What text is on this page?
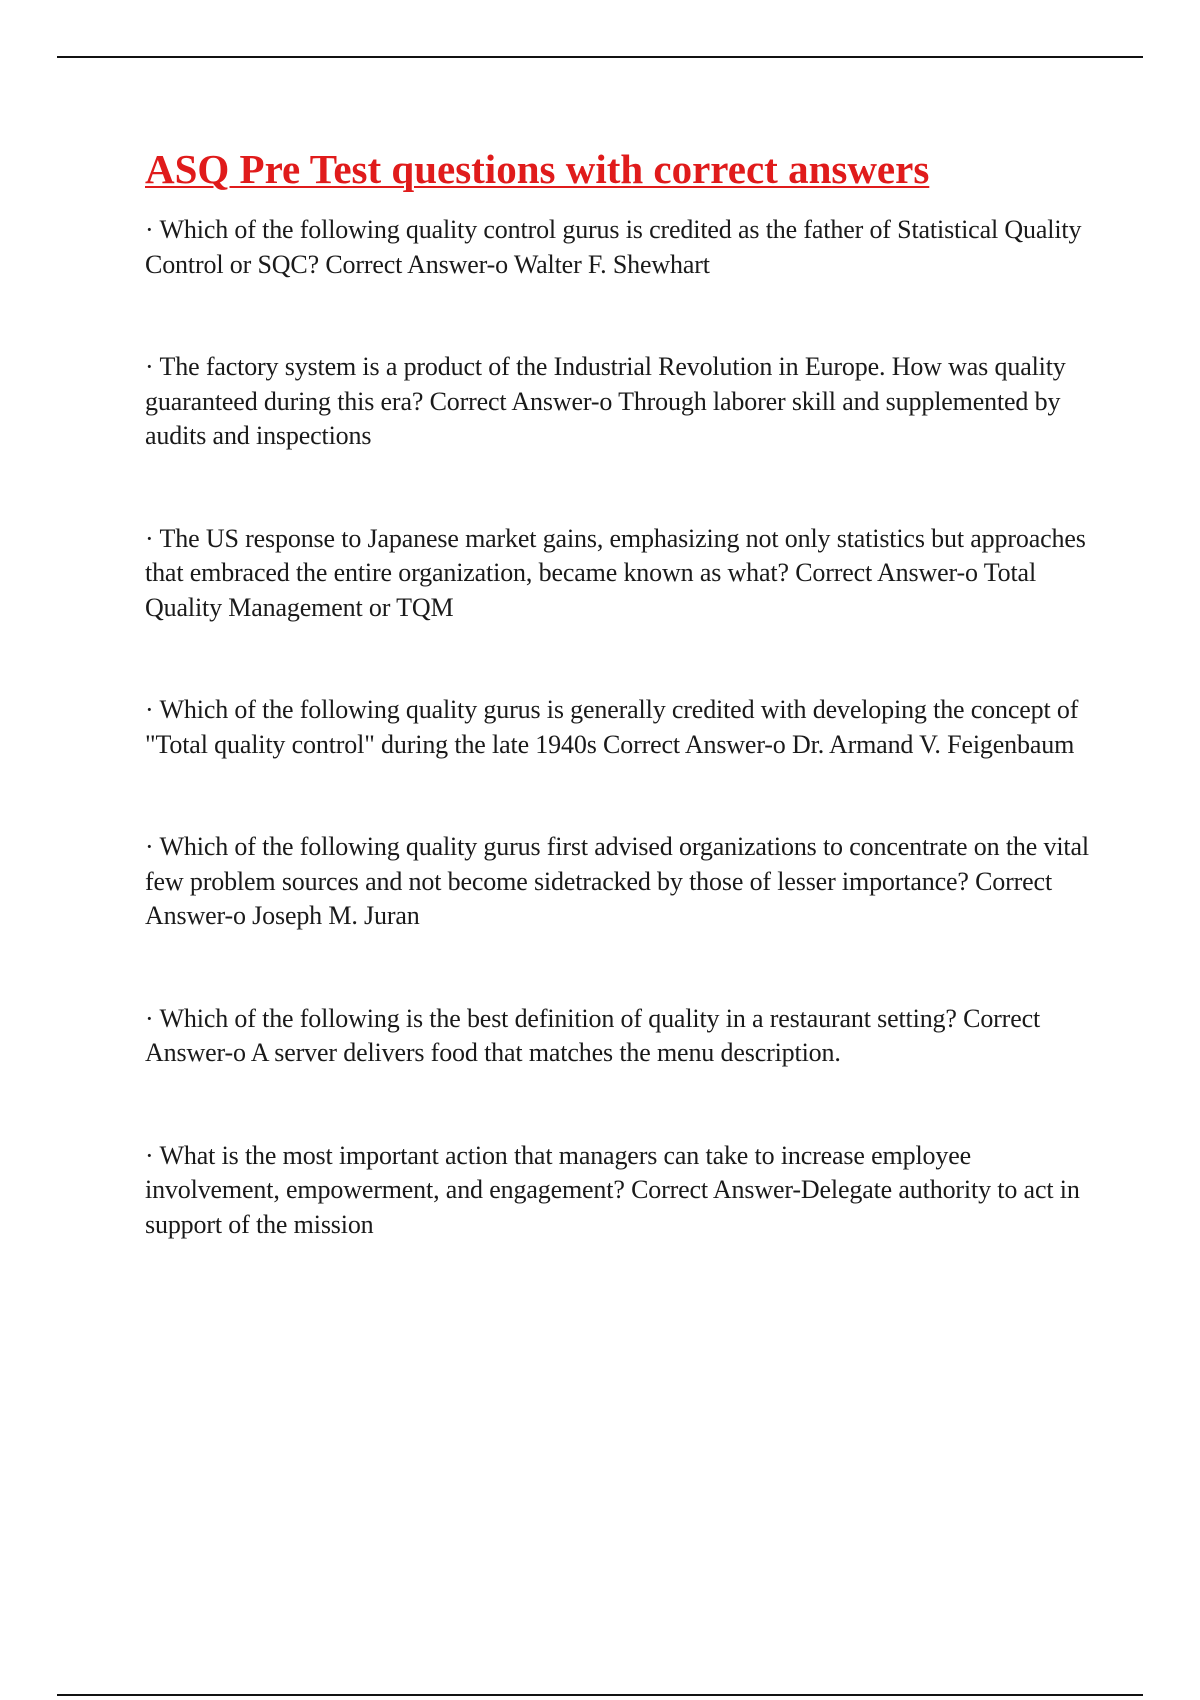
ASQ Pre Test questions with correct answers
· Which of the following quality control gurus is credited as the father of Statistical Quality Control or SQC? Correct Answer-o Walter F. Shewhart
· The factory system is a product of the Industrial Revolution in Europe. How was quality guaranteed during this era? Correct Answer-o Through laborer skill and supplemented by audits and inspections
· The US response to Japanese market gains, emphasizing not only statistics but approaches that embraced the entire organization, became known as what? Correct Answer-o Total Quality Management or TQM
· Which of the following quality gurus is generally credited with developing the concept of "Total quality control" during the late 1940s Correct Answer-o Dr. Armand V. Feigenbaum
· Which of the following quality gurus first advised organizations to concentrate on the vital few problem sources and not become sidetracked by those of lesser importance? Correct Answer-o Joseph M. Juran
· Which of the following is the best definition of quality in a restaurant setting? Correct Answer-o A server delivers food that matches the menu description.
· What is the most important action that managers can take to increase employee involvement, empowerment, and engagement? Correct Answer-Delegate authority to act in support of the mission
